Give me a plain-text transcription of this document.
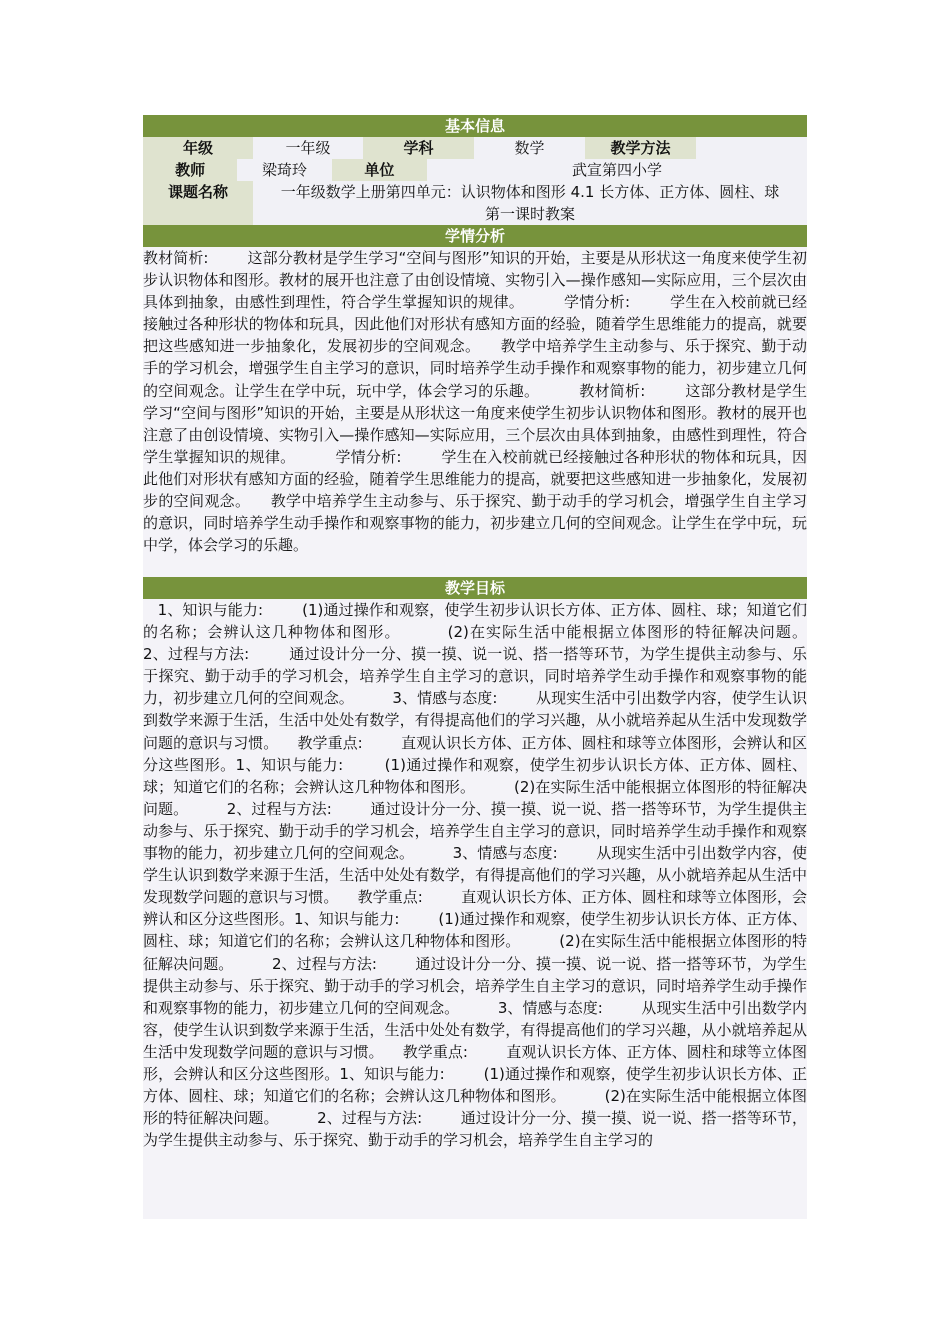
基本信息
年级	一年级	学科	数学	教学方法
教师	梁琦玲	单位	武宣第四小学
课题名称	一年级数学上册第四单元：认识物体和图形 4.1 长方体、正方体、圆柱、球
第一课时教案
学情分析
教材简析:        这部分教材是学生学习“空间与图形”知识的开始，主要是从形状这一角度来使学生初步认识物体和图形。教材的展开也注意了由创设情境、实物引入—操作感知—实际应用，三个层次由具体到抽象，由感性到理性，符合学生掌握知识的规律。        学情分析:        学生在入校前就已经接触过各种形状的物体和玩具，因此他们对形状有感知方面的经验，随着学生思维能力的提高，就要把这些感知进一步抽象化，发展初步的空间观念。    教学中培养学生主动参与、乐于探究、勤于动手的学习机会，增强学生自主学习的意识，同时培养学生动手操作和观察事物的能力，初步建立几何的空间观念。让学生在学中玩，玩中学，体会学习的乐趣。        教材简析:        这部分教材是学生学习“空间与图形”知识的开始，主要是从形状这一角度来使学生初步认识物体和图形。教材的展开也注意了由创设情境、实物引入—操作感知—实际应用，三个层次由具体到抽象，由感性到理性，符合学生掌握知识的规律。        学情分析:        学生在入校前就已经接触过各种形状的物体和玩具，因此他们对形状有感知方面的经验，随着学生思维能力的提高，就要把这些感知进一步抽象化，发展初步的空间观念。    教学中培养学生主动参与、乐于探究、勤于动手的学习机会，增强学生自主学习的意识，同时培养学生动手操作和观察事物的能力，初步建立几何的空间观念。让学生在学中玩，玩中学，体会学习的乐趣。
教学目标
1、知识与能力:        (1)通过操作和观察，使学生初步认识长方体、正方体、圆柱、球；知道它们的名称；会辨认这几种物体和图形。        (2)在实际生活中能根据立体图形的特征解决问题。        2、过程与方法:        通过设计分一分、摸一摸、说一说、搭一搭等环节，为学生提供主动参与、乐于探究、勤于动手的学习机会，培养学生自主学习的意识，同时培养学生动手操作和观察事物的能力，初步建立几何的空间观念。        3、情感与态度:        从现实生活中引出数学内容，使学生认识到数学来源于生活，生活中处处有数学，有得提高他们的学习兴趣，从小就培养起从生活中发现数学问题的意识与习惯。    教学重点:        直观认识长方体、正方体、圆柱和球等立体图形，会辨认和区分这些图形。1、知识与能力:        (1)通过操作和观察，使学生初步认识长方体、正方体、圆柱、球；知道它们的名称；会辨认这几种物体和图形。        (2)在实际生活中能根据立体图形的特征解决问题。        2、过程与方法:        通过设计分一分、摸一摸、说一说、搭一搭等环节，为学生提供主动参与、乐于探究、勤于动手的学习机会，培养学生自主学习的意识，同时培养学生动手操作和观察事物的能力，初步建立几何的空间观念。        3、情感与态度:        从现实生活中引出数学内容，使学生认识到数学来源于生活，生活中处处有数学，有得提高他们的学习兴趣，从小就培养起从生活中发现数学问题的意识与习惯。    教学重点:        直观认识长方体、正方体、圆柱和球等立体图形，会辨认和区分这些图形。1、知识与能力:        (1)通过操作和观察，使学生初步认识长方体、正方体、圆柱、球；知道它们的名称；会辨认这几种物体和图形。        (2)在实际生活中能根据立体图形的特征解决问题。        2、过程与方法:        通过设计分一分、摸一摸、说一说、搭一搭等环节，为学生提供主动参与、乐于探究、勤于动手的学习机会，培养学生自主学习的意识，同时培养学生动手操作和观察事物的能力，初步建立几何的空间观念。        3、情感与态度:        从现实生活中引出数学内容，使学生认识到数学来源于生活，生活中处处有数学，有得提高他们的学习兴趣，从小就培养起从生活中发现数学问题的意识与习惯。    教学重点:        直观认识长方体、正方体、圆柱和球等立体图形，会辨认和区分这些图形。1、知识与能力:        (1)通过操作和观察，使学生初步认识长方体、正方体、圆柱、球；知道它们的名称；会辨认这几种物体和图形。        (2)在实际生活中能根据立体图形的特征解决问题。        2、过程与方法:        通过设计分一分、摸一摸、说一说、搭一搭等环节，为学生提供主动参与、乐于探究、勤于动手的学习机会，培养学生自主学习的
